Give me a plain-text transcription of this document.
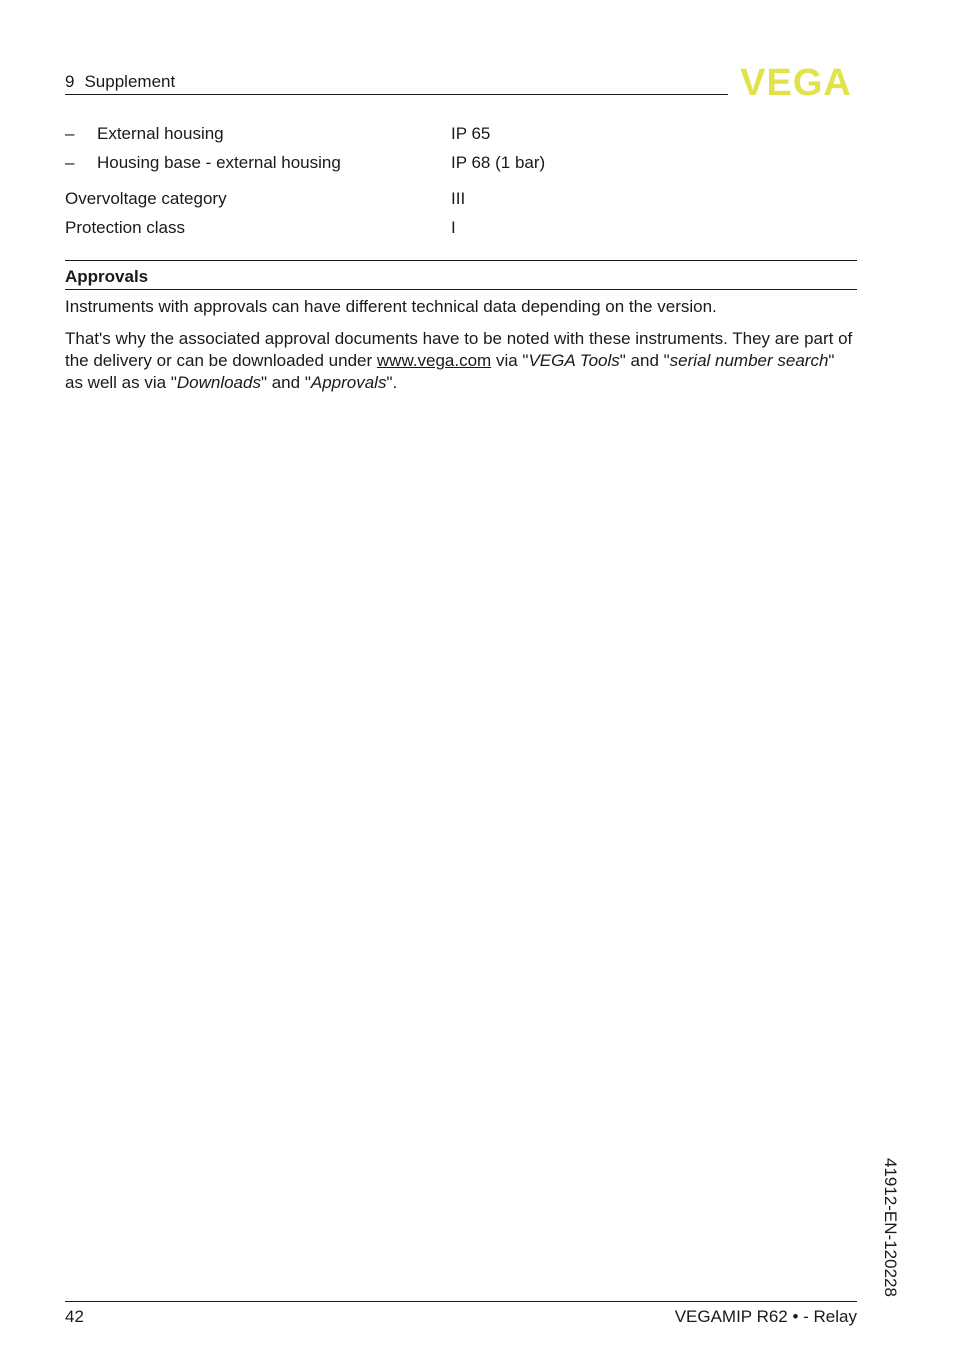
9 Supplement	VEGA
– External housing	IP 65
– Housing base - external housing	IP 68 (1 bar)
Overvoltage category	III
Protection class	I
Approvals
Instruments with approvals can have different technical data depending on the version.
That's why the associated approval documents have to be noted with these instruments. They are part of the delivery or can be downloaded under www.vega.com via "VEGA Tools" and "serial number search" as well as via "Downloads" and "Approvals".
41912-EN-120228
42	VEGAMIP R62 • - Relay
